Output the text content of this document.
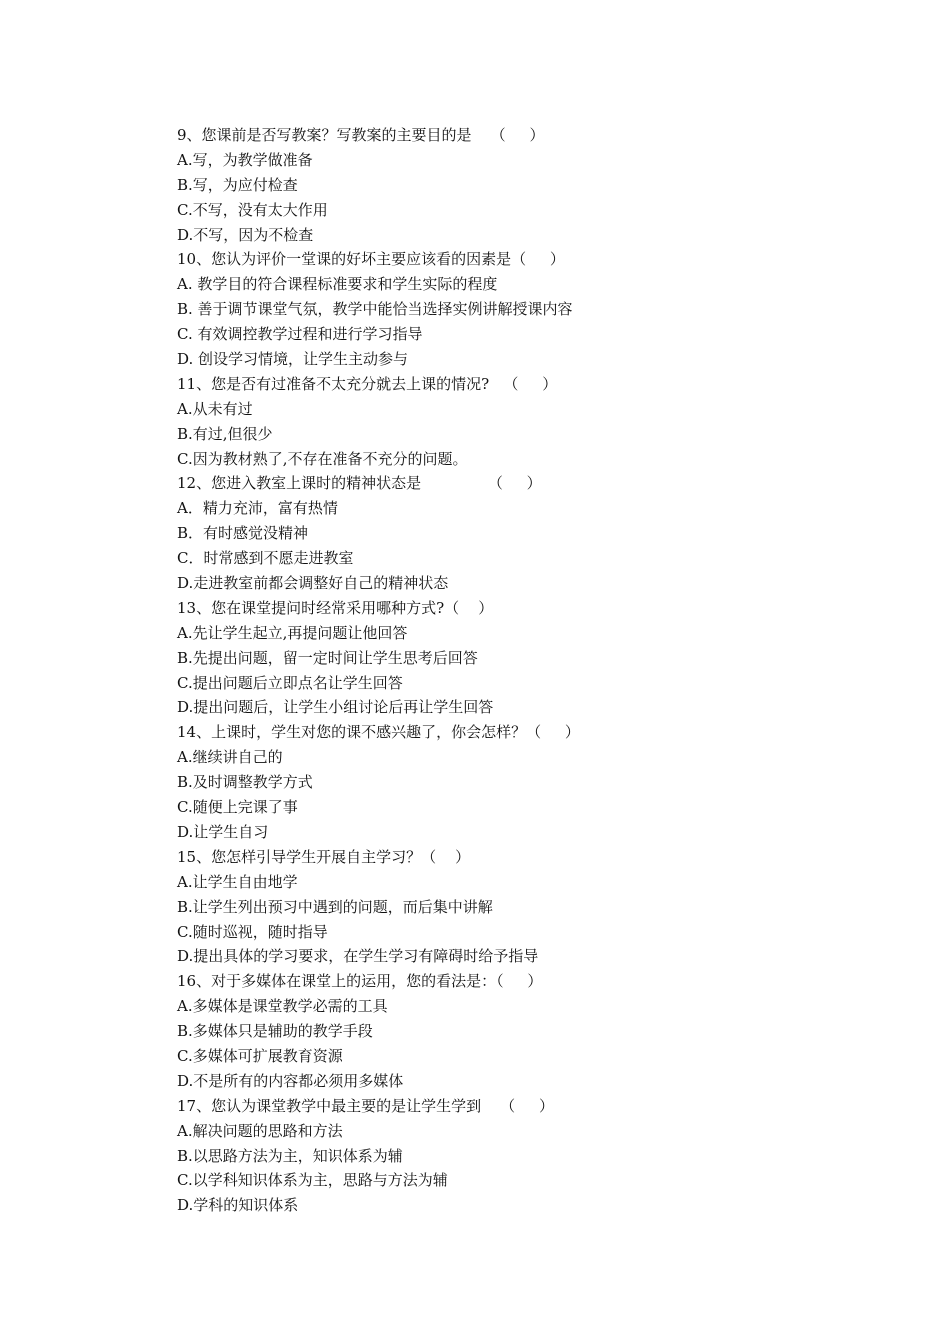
9、您课前是否写教案？写教案的主要目的是    （     ）
A.写，为教学做准备
B.写，为应付检查
C.不写，没有太大作用
D.不写，因为不检查
10、您认为评价一堂课的好坏主要应该看的因素是（     ）
A. 教学目的符合课程标准要求和学生实际的程度
B. 善于调节课堂气氛，教学中能恰当选择实例讲解授课内容
C. 有效调控教学过程和进行学习指导
D. 创设学习情境，让学生主动参与
11、您是否有过准备不太充分就去上课的情况?   （     ）
A.从未有过
B.有过,但很少
C.因为教材熟了,不存在准备不充分的问题。
12、您进入教室上课时的精神状态是              （     ）
A．精力充沛，富有热情
B．有时感觉没精神
C．时常感到不愿走进教室
D.走进教室前都会调整好自己的精神状态
13、您在课堂提问时经常采用哪种方式?（    ）
A.先让学生起立,再提问题让他回答
B.先提出问题，留一定时间让学生思考后回答
C.提出问题后立即点名让学生回答
D.提出问题后，让学生小组讨论后再让学生回答
14、上课时，学生对您的课不感兴趣了，你会怎样？（     ）
A.继续讲自己的
B.及时调整教学方式
C.随便上完课了事
D.让学生自习
15、您怎样引导学生开展自主学习？（    ）
A.让学生自由地学
B.让学生列出预习中遇到的问题，而后集中讲解
C.随时巡视，随时指导
D.提出具体的学习要求，在学生学习有障碍时给予指导
16、对于多媒体在课堂上的运用，您的看法是：（     ）
A.多媒体是课堂教学必需的工具
B.多媒体只是辅助的教学手段
C.多媒体可扩展教育资源
D.不是所有的内容都必须用多媒体
17、您认为课堂教学中最主要的是让学生学到    （     ）
A.解决问题的思路和方法
B.以思路方法为主，知识体系为辅
C.以学科知识体系为主，思路与方法为辅
D.学科的知识体系
